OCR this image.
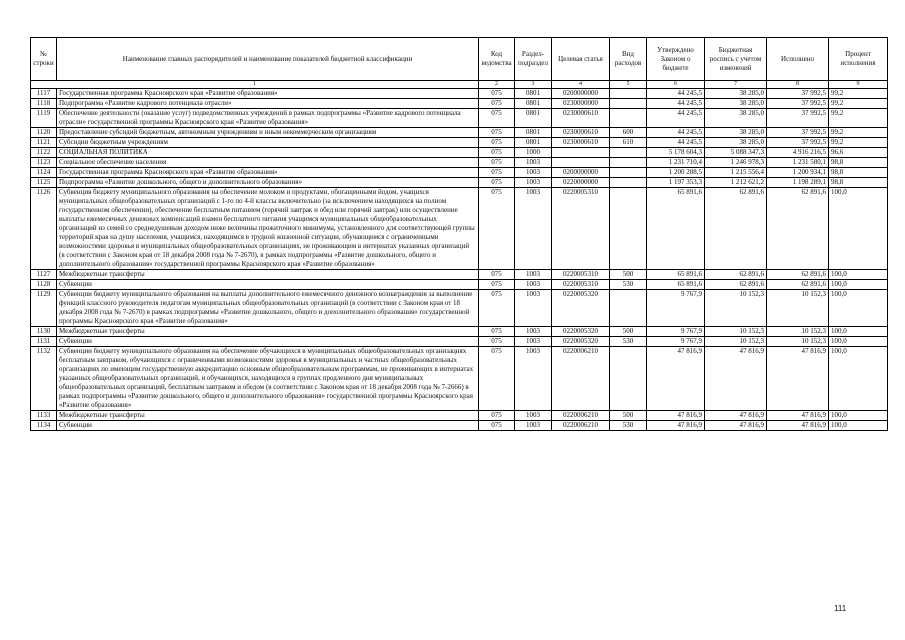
№ строки	Наименование главных распорядителей и наименование показателей бюджетной классификации	Код ведомства	Раздел-подраздел	Целевая статья	Вид расходов	Утверждено Законом о бюджете	Бюджетная роспись с учетом изменений	Исполнено	Процент исполнения
1		2	3	4	5	6	7	8	9
1117	Государственная программа Красноярского края «Развитие образования»	075	0801	0200000000		44 245,5	38 285,0	37 992,5	99,2
1118	Подпрограмма «Развитие кадрового потенциала отрасли»	075	0801	0230000000		44 245,5	38 285,0	37 992,5	99,2
1119	Обеспечение деятельности (оказание услуг) подведомственных учреждений в рамках подпрограммы «Развитие кадрового потенциала отрасли» государственной программы Красноярского края «Развитие образования»	075	0801	0230000610		44 245,5	38 285,0	37 992,5	99,2
1120	Предоставление субсидий бюджетным, автономным учреждениям и иным некоммерческим организациям	075	0801	0230000610	600	44 245,5	38 285,0	37 992,5	99,2
1121	Субсидии бюджетным учреждениям	075	0801	0230000610	610	44 245,5	38 285,0	37 992,5	99,2
1122	СОЦИАЛЬНАЯ ПОЛИТИКА	075	1000			5 178 604,3	5 088 347,3	4 916 216,5	96,6
1123	Социальное обеспечение населения	075	1003			1 231 710,4	1 246 978,3	1 231 580,1	98,8
1124	Государственная программа Красноярского края «Развитие образования»	075	1003	0200000000		1 200 288,5	1 215 556,4	1 200 934,1	98,8
1125	Подпрограмма «Развитие дошкольного, общего и дополнительного образования»	075	1003	0220000000		1 197 353,3	1 212 621,2	1 198 289,1	98,8
1126	Субвенция бюджету муниципального образования на обеспечение молоком и продуктами, обогащенными йодом, учащихся муниципальных общеобразовательных организаций с 1-го по 4-й классы включительно (за исключением находящихся на полном государственном обеспечении), обеспечение бесплатным питанием (горячий завтрак и обед или горячий завтрак) или осуществление выплаты ежемесячных денежных компенсаций взамен бесплатного питания учащимся муниципальных общеобразовательных организаций из семей со среднедушевым доходом ниже величины прожиточного минимума, установленного для соответствующей группы территорий края на душу населения, учащимся, находящимся в трудной жизненной ситуации, обучающимся с ограниченными возможностями здоровья в муниципальных общеобразовательных организациях, не проживающим в интернатах указанных организаций (в соответствии с Законом края от 18 декабря 2008 года № 7-2670), в рамках подпрограммы «Развитие дошкольного, общего и дополнительного образования» государственной программы Красноярского края «Развитие образования»	075	1003	0220005310		65 891,6	62 891,6	62 891,6	100,0
1127	Межбюджетные трансферты	075	1003	0220005310	500	65 891,6	62 891,6	62 891,6	100,0
1128	Субвенции	075	1003	0220005310	530	65 891,6	62 891,6	62 891,6	100,0
1129	Субвенции бюджету муниципального образования на выплаты дополнительного ежемесячного денежного вознаграждения за выполнение функций классного руководителя педагогам муниципальных общеобразовательных организаций (в соответствии с Законом края от 18 декабря 2008 года № 7-2670) в рамках подпрограммы «Развитие дошкольного, общего и дополнительного образования» государственной программы Красноярского края «Развитие образования»	075	1003	0220005320		9 767,9	10 152,3	10 152,3	100,0
1130	Межбюджетные трансферты	075	1003	0220005320	500	9 767,9	10 152,3	10 152,3	100,0
1131	Субвенции	075	1003	0220005320	530	9 767,9	10 152,3	10 152,3	100,0
1132	Субвенции бюджету муниципального образования на обеспечение обучающихся в муниципальных общеобразовательных организациях бесплатным завтраком, обучающихся с ограниченными возможностями здоровья в муниципальных и частных общеобразовательных организациях по имеющим государственную аккредитацию основным общеобразовательным программам, не проживающих в интернатах указанных общеобразовательных организаций, и обучающихся, находящихся в группах продленного дня муниципальных общеобразовательных организаций, бесплатным завтраком и обедом (в соответствии с Законом края от 18 декабря 2008 года № 7-2666) в рамках подпрограммы «Развитие дошкольного, общего и дополнительного образования» государственной программы Красноярского края «Развитие образования»	075	1003	0220006210		47 816,9	47 816,9	47 816,9	100,0
1133	Межбюджетные трансферты	075	1003	0220006210	500	47 816,9	47 816,9	47 816,9	100,0
1134	Субвенции	075	1003	0220006210	530	47 816,9	47 816,9	47 816,9	100,0
111
